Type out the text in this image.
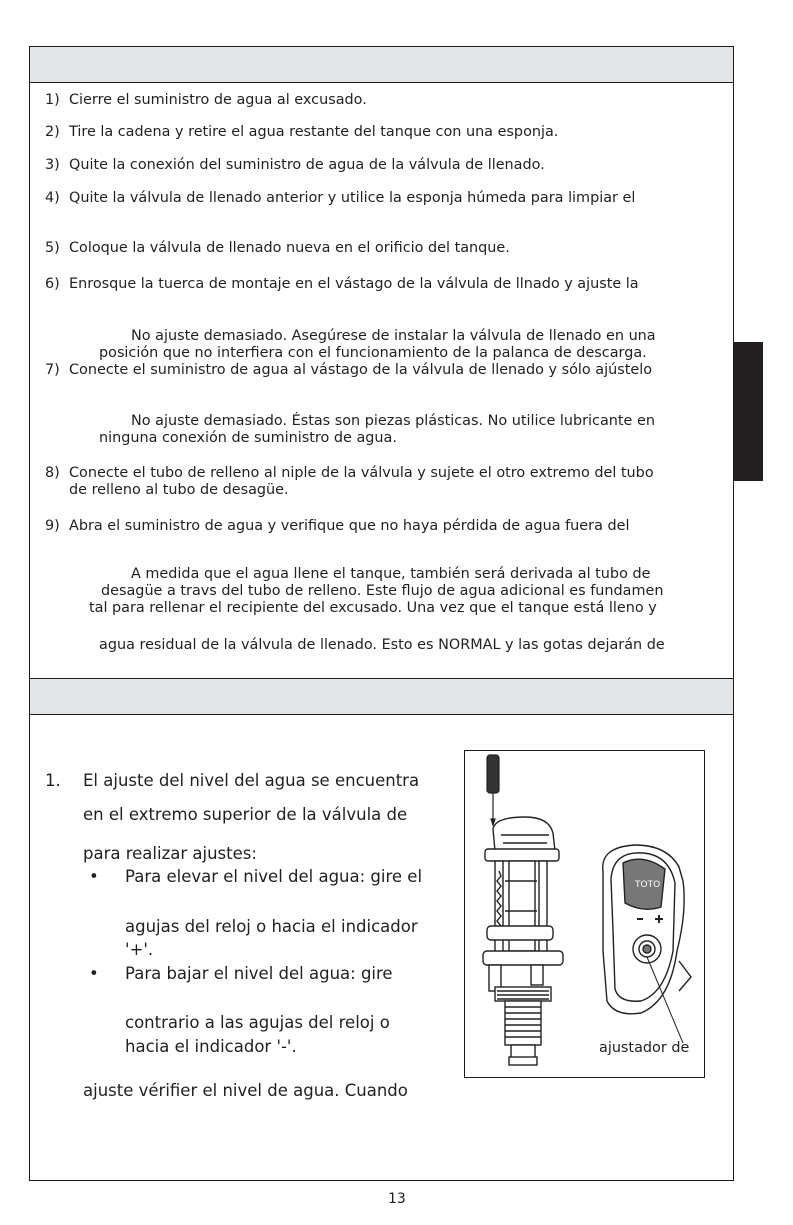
1) Cierre el suministro de agua al excusado.
2) Tire la cadena y retire el agua restante del tanque con una esponja.
3) Quite la conexión del suministro de agua de la válvula de llenado.
4) Quite la válvula de llenado anterior y utilice la esponja húmeda para limpiar el
5) Coloque la válvula de llenado nueva en el orificio del tanque.
6) Enrosque la tuerca de montaje en el vástago de la válvula de llnado y ajuste la
No ajuste demasiado. Asegúrese de instalar la válvula de llenado en una
posición que no interfiera con el funcionamiento de la palanca de descarga.
7) Conecte el suministro de agua al vástago de la válvula de llenado y sólo ajústelo
No ajuste demasiado. Éstas son piezas plásticas. No utilice lubricante en
ninguna conexión de suministro de agua.
8) Conecte el tubo de relleno al niple de la válvula y sujete el otro extremo del tubo
de relleno al tubo de desagüe.
9) Abra el suministro de agua y verifique que no haya pérdida de agua fuera del
A medida que el agua llene el tanque, también será derivada al tubo de
desagüe a travs del tubo de relleno. Este flujo de agua adicional es fundamen
tal para rellenar el recipiente del excusado. Una vez que el tanque está lleno y
agua residual de la válvula de llenado. Esto es NORMAL y las gotas dejarán de
1. El ajuste del nivel del agua se encuentra
en el extremo superior de la válvula de
para realizar ajustes:
• Para elevar el nivel del agua: gire el
agujas del reloj o hacia el indicador
'+'.
• Para bajar el nivel del agua: gire
contrario a las agujas del reloj o
hacia el indicador '-'.
ajuste vérifier el nivel de agua. Cuando
TOTO
ajustador de
13
